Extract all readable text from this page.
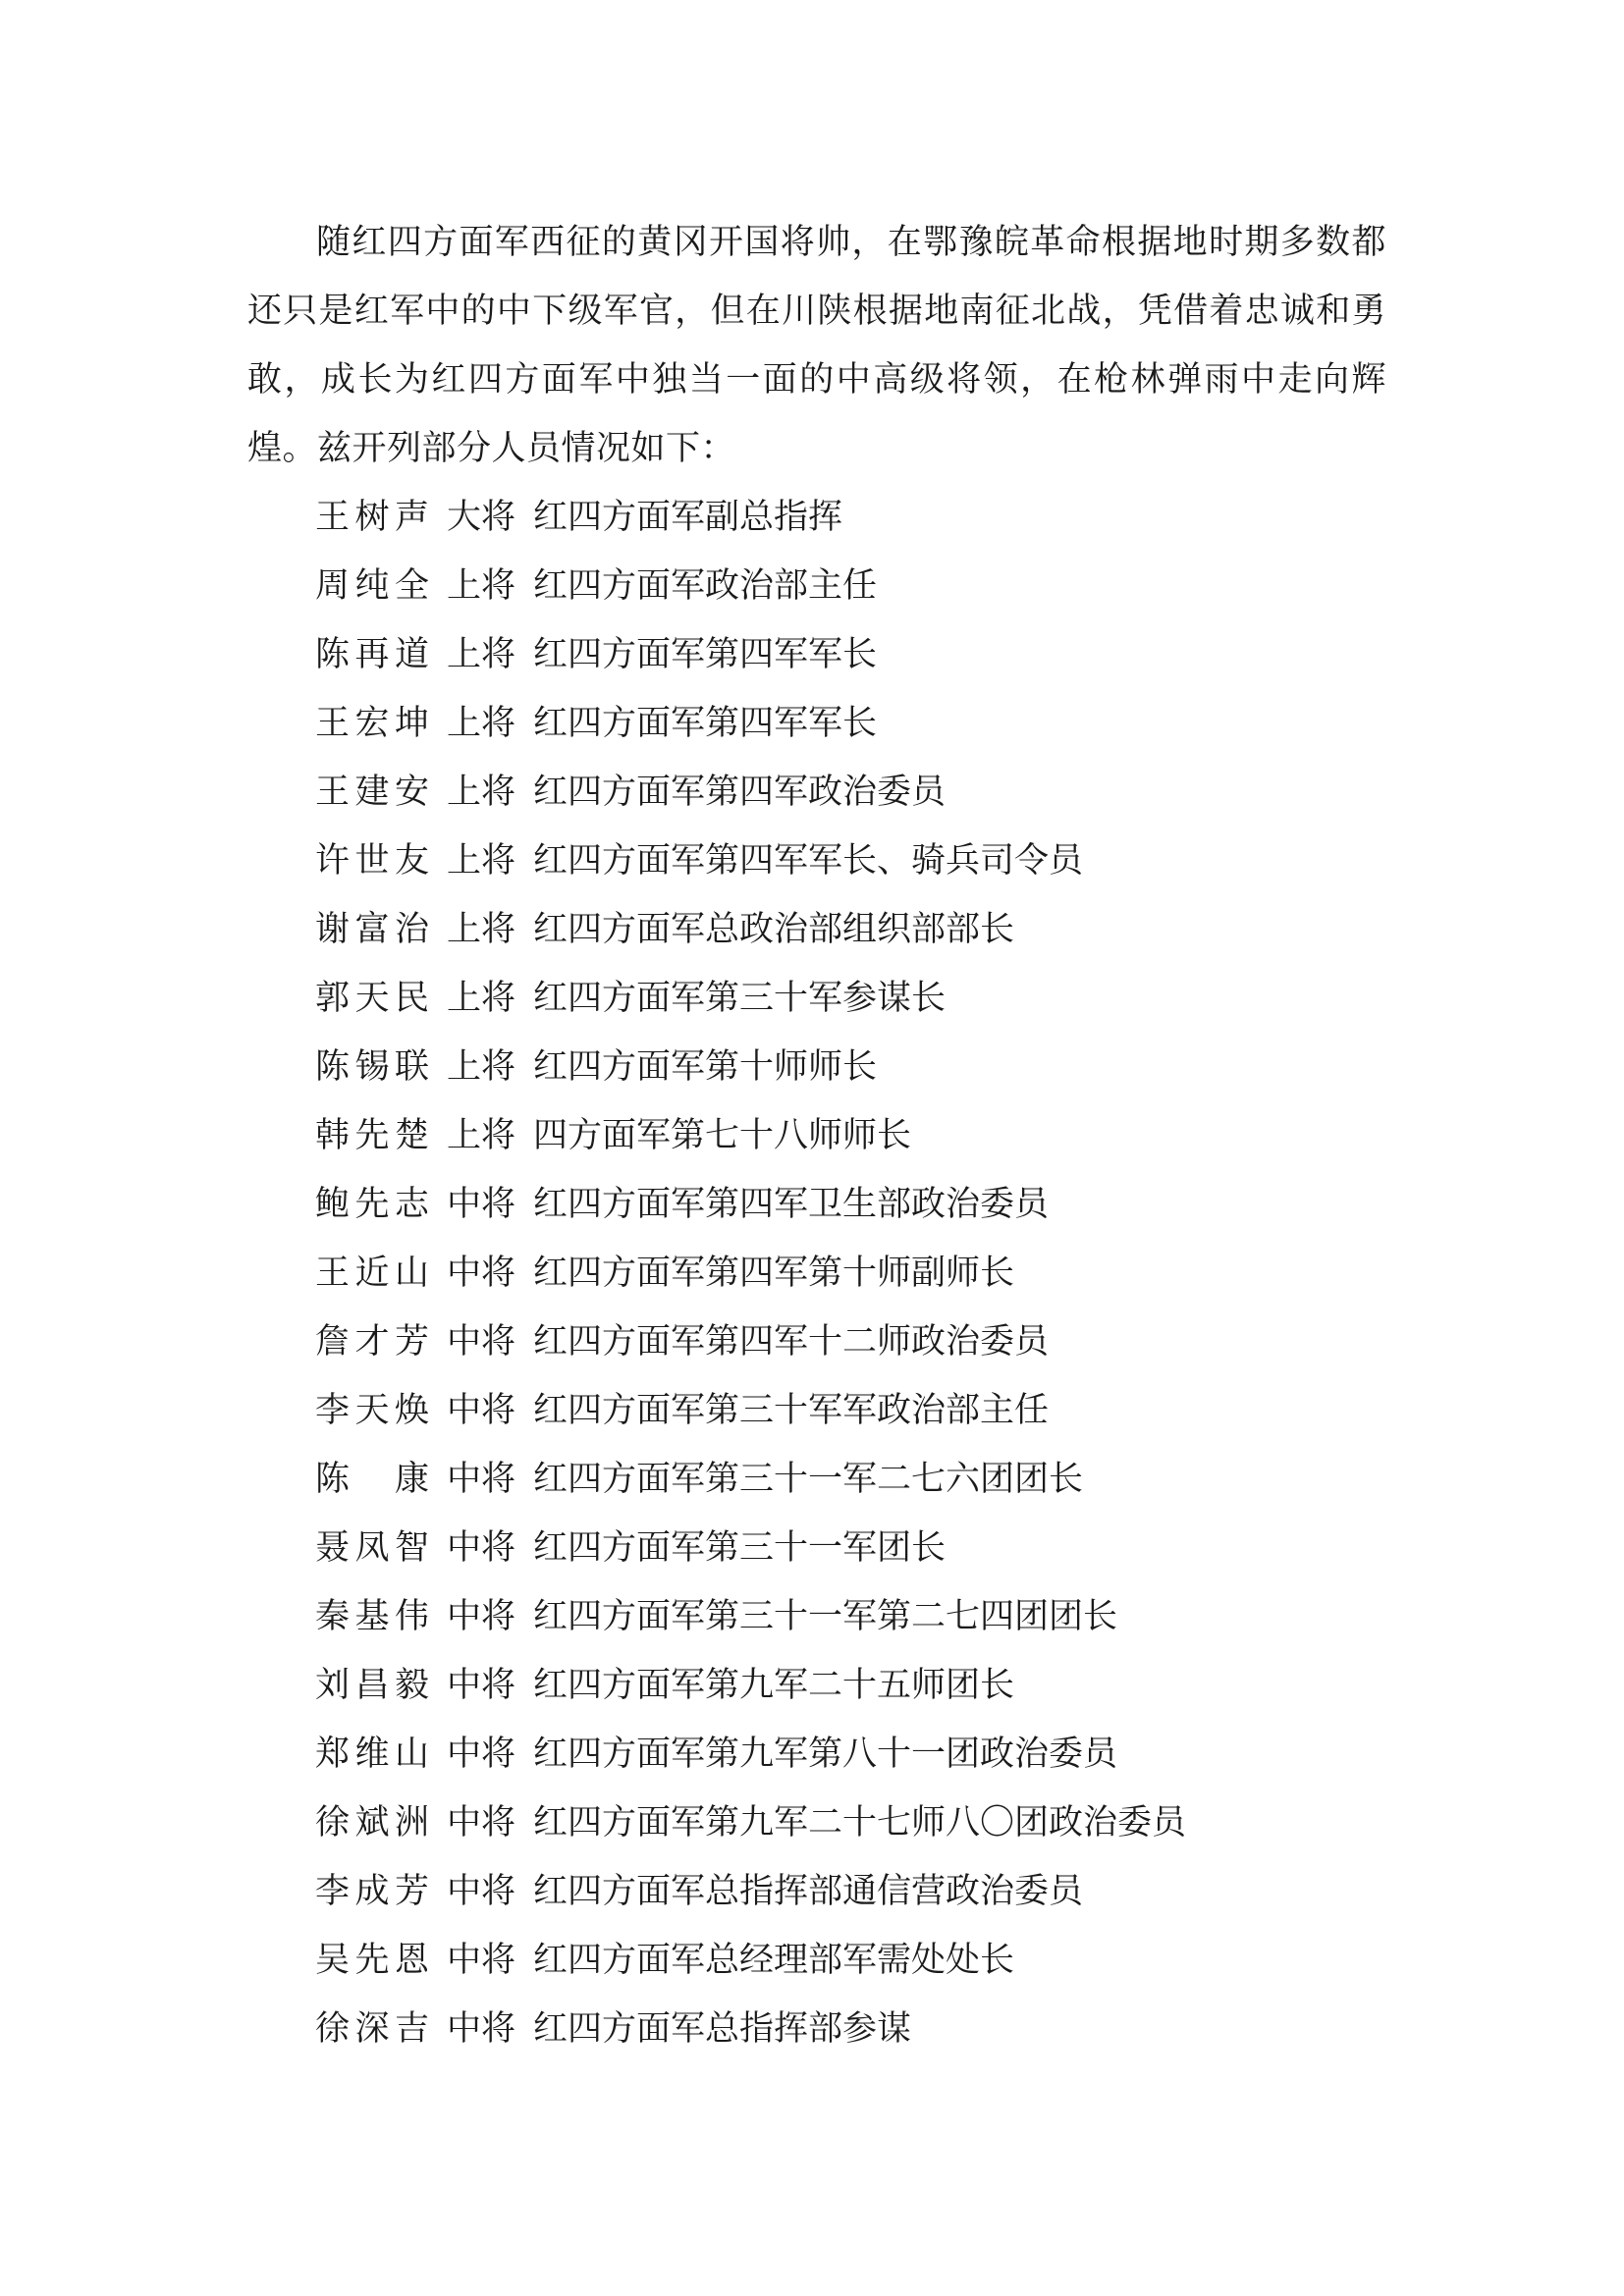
随红四方面军西征的黄冈开国将帅，在鄂豫皖革命根据地时期多数都还只是红军中的中下级军官，但在川陕根据地南征北战，凭借着忠诚和勇敢，成长为红四方面军中独当一面的中高级将领，在枪林弹雨中走向辉煌。兹开列部分人员情况如下：

王树声 大将 红四方面军副总指挥
周纯全 上将 红四方面军政治部主任
陈再道 上将 红四方面军第四军军长
王宏坤 上将 红四方面军第四军军长
王建安 上将 红四方面军第四军政治委员
许世友 上将 红四方面军第四军军长、骑兵司令员
谢富治 上将 红四方面军总政治部组织部部长
郭天民 上将 红四方面军第三十军参谋长
陈锡联 上将 红四方面军第十师师长
韩先楚 上将 四方面军第七十八师师长
鲍先志 中将 红四方面军第四军卫生部政治委员
王近山 中将 红四方面军第四军第十师副师长
詹才芳 中将 红四方面军第四军十二师政治委员
李天焕 中将 红四方面军第三十军军政治部主任
陈　康 中将 红四方面军第三十一军二七六团团长
聂凤智 中将 红四方面军第三十一军团长
秦基伟 中将 红四方面军第三十一军第二七四团团长
刘昌毅 中将 红四方面军第九军二十五师团长
郑维山 中将 红四方面军第九军第八十一团政治委员
徐斌洲 中将 红四方面军第九军二十七师八〇团政治委员
李成芳 中将 红四方面军总指挥部通信营政治委员
吴先恩 中将 红四方面军总经理部军需处处长
徐深吉 中将 红四方面军总指挥部参谋
